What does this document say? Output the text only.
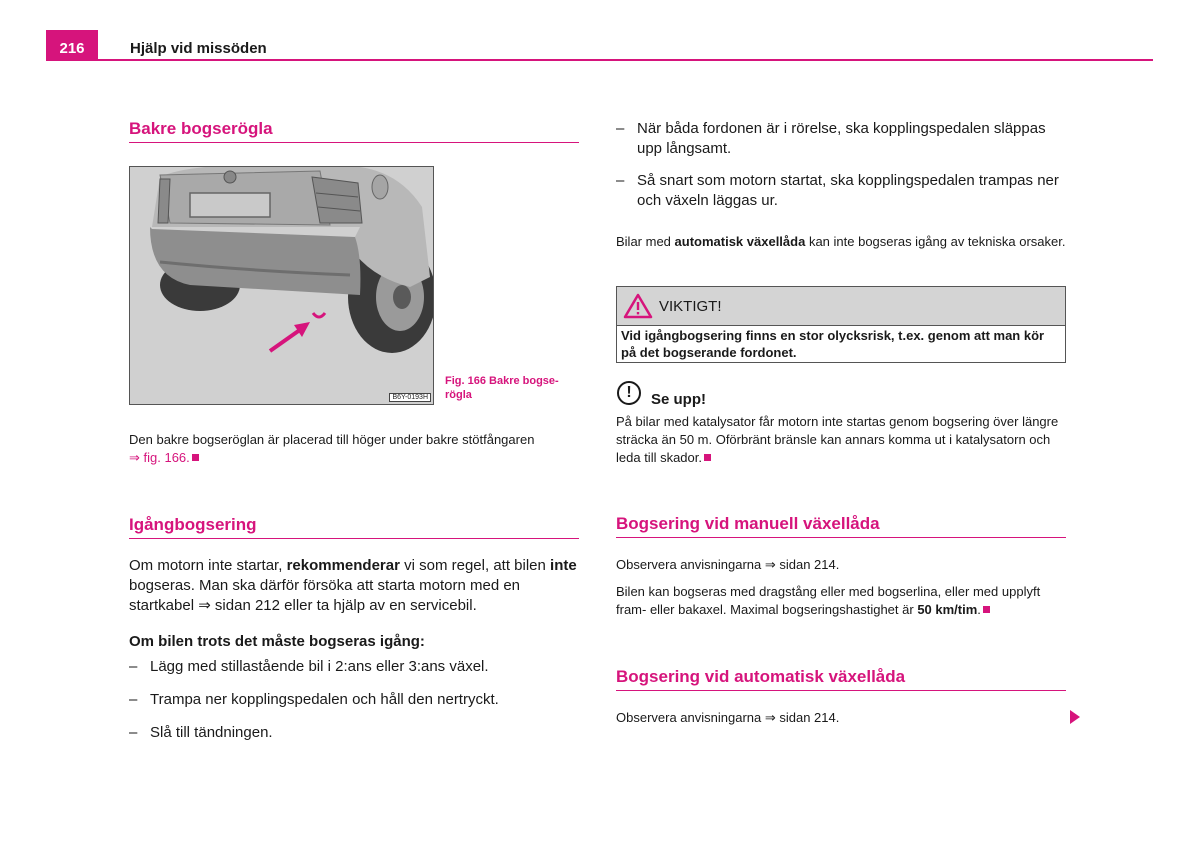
216	Hjälp vid missöden
Bakre bogserögla
B6Y-0193H
Fig. 166 Bakre bogse-rögla
Den bakre bogseröglan är placerad till höger under bakre stötfångaren
⇒ fig. 166.
Igångbogsering
Om motorn inte startar, rekommenderar vi som regel, att bilen inte bogseras. Man ska därför försöka att starta motorn med en startkabel ⇒ sidan 212 eller ta hjälp av en servicebil.
Om bilen trots det måste bogseras igång:
– Lägg med stillastående bil i 2:ans eller 3:ans växel.
– Trampa ner kopplingspedalen och håll den nertryckt.
– Slå till tändningen.
– När båda fordonen är i rörelse, ska kopplingspedalen släppas upp långsamt.
– Så snart som motorn startat, ska kopplingspedalen trampas ner och växeln läggas ur.
Bilar med automatisk växellåda kan inte bogseras igång av tekniska orsaker.
VIKTIGT!
Vid igångbogsering finns en stor olycksrisk, t.ex. genom att man kör på det bogserande fordonet.
!	Se upp!
På bilar med katalysator får motorn inte startas genom bogsering över längre sträcka än 50 m. Oförbränt bränsle kan annars komma ut i katalysatorn och leda till skador.
Bogsering vid manuell växellåda
Observera anvisningarna ⇒ sidan 214.
Bilen kan bogseras med dragstång eller med bogserlina, eller med upplyft fram- eller bakaxel. Maximal bogseringshastighet är 50 km/tim.
Bogsering vid automatisk växellåda
Observera anvisningarna ⇒ sidan 214.
